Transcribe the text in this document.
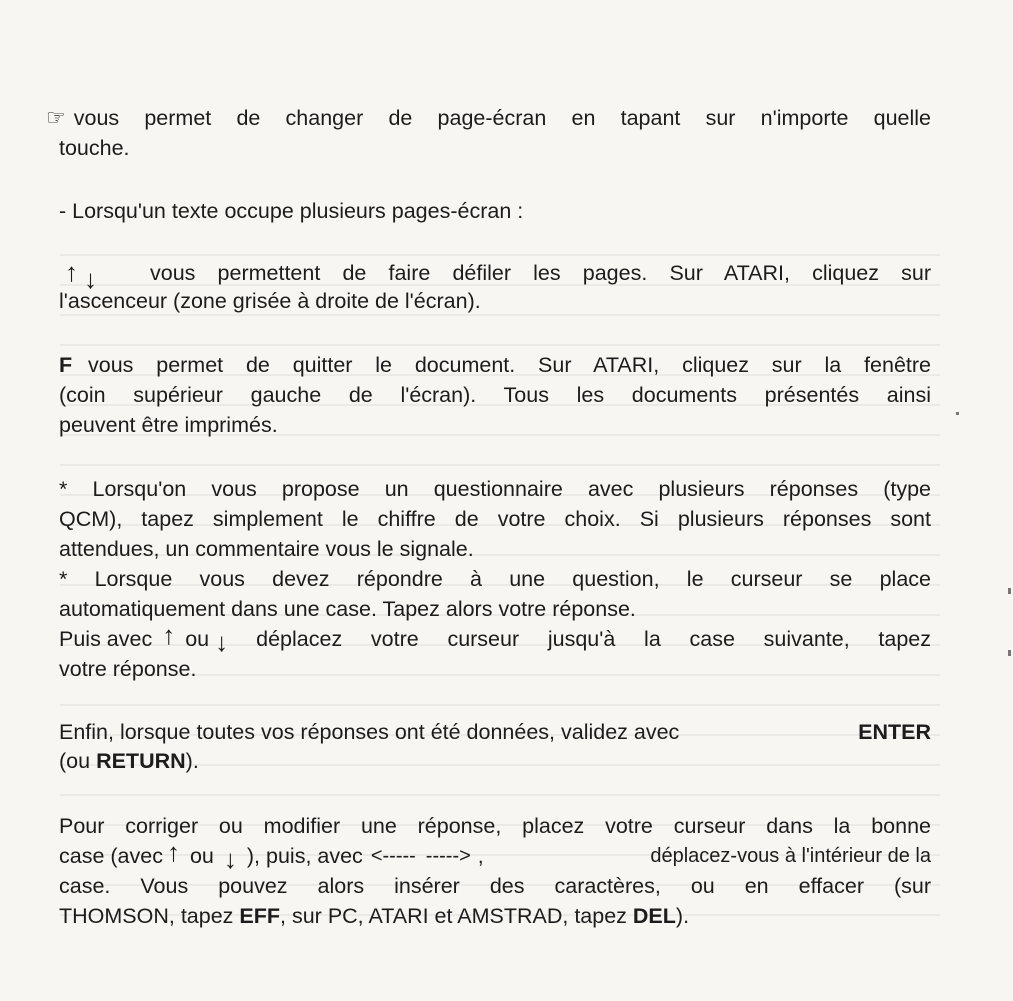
☞ vous permet de changer de page-écran en tapant sur n'importe quelle
touche.
- Lorsqu'un texte occupe plusieurs pages-écran :
↑ ↓	vous permettent de faire défiler les pages. Sur ATARI, cliquez sur
l'ascenceur (zone grisée à droite de l'écran).
F vous permet de quitter le document. Sur ATARI, cliquez sur la fenêtre
(coin supérieur gauche de l'écran). Tous les documents présentés ainsi
peuvent être imprimés.
* Lorsqu'on vous propose un questionnaire avec plusieurs réponses (type
QCM), tapez simplement le chiffre de votre choix. Si plusieurs réponses sont
attendues, un commentaire vous le signale.
* Lorsque vous devez répondre à une question, le curseur se place
automatiquement dans une case. Tapez alors votre réponse.
Puis avec ↑ ou ↓ déplacez votre curseur jusqu'à la case suivante, tapez
votre réponse.
Enfin, lorsque toutes vos réponses ont été données, validez avec	ENTER
(ou RETURN).
Pour corriger ou modifier une réponse, placez votre curseur dans la bonne
case (avec ↑ ou ↓ ), puis, avec <----- -----> ,	déplacez-vous à l'intérieur de la
case. Vous pouvez alors insérer des caractères, ou en effacer (sur
THOMSON, tapez EFF, sur PC, ATARI et AMSTRAD, tapez DEL).
